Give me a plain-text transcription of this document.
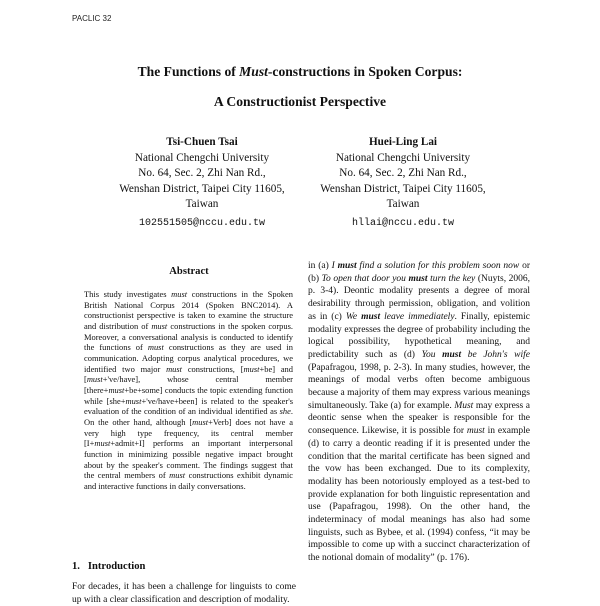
PACLIC 32
The Functions of Must-constructions in Spoken Corpus:
A Constructionist Perspective
Tsi-Chuen Tsai
National Chengchi University
No. 64, Sec. 2, Zhi Nan Rd.,
Wenshan District, Taipei City 11605,
Taiwan
102551505@nccu.edu.tw
Huei-Ling Lai
National Chengchi University
No. 64, Sec. 2, Zhi Nan Rd.,
Wenshan District, Taipei City 11605,
Taiwan
hllai@nccu.edu.tw
Abstract
This study investigates must constructions in the Spoken British National Corpus 2014 (Spoken BNC2014). A constructionist perspective is taken to examine the structure and distribution of must constructions in the spoken corpus. Moreover, a conversational analysis is conducted to identify the functions of must constructions as they are used in communication. Adopting corpus analytical procedures, we identified two major must constructions, [must+be] and [must+'ve/have], whose central member [there+must+be+some] conducts the topic extending function while [she+must+'ve/have+been] is related to the speaker's evaluation of the condition of an individual identified as she. On the other hand, although [must+Verb] does not have a very high type frequency, its central member [I+must+admit+I] performs an important interpersonal function in minimizing possible negative impact brought about by the speaker's comment. The findings suggest that the central members of must constructions exhibit dynamic and interactive functions in daily conversations.
in (a) I must find a solution for this problem soon now or (b) To open that door you must turn the key (Nuyts, 2006, p. 3-4). Deontic modality presents a degree of moral desirability through permission, obligation, and volition as in (c) We must leave immediately. Finally, epistemic modality expresses the degree of probability including the logical possibility, hypothetical meaning, and predictability such as (d) You must be John's wife (Papafragou, 1998, p. 2-3). In many studies, however, the meanings of modal verbs often become ambiguous because a majority of them may express various meanings simultaneously. Take (a) for example. Must may express a deontic sense when the speaker is responsible for the consequence. Likewise, it is possible for must in example (d) to carry a deontic reading if it is presented under the condition that the marital certificate has been signed and the vow has been exchanged. Due to its complexity, modality has been notoriously employed as a test-bed to provide explanation for both linguistic representation and use (Papafragou, 1998). On the other hand, the indeterminacy of modal meanings has also had some linguists, such as Bybee, et al. (1994) confess, “it may be impossible to come up with a succinct characterization of the notional domain of modality” (p. 176).
1.   Introduction
For decades, it has been a challenge for linguists to come up with a clear classification and description of modality.
